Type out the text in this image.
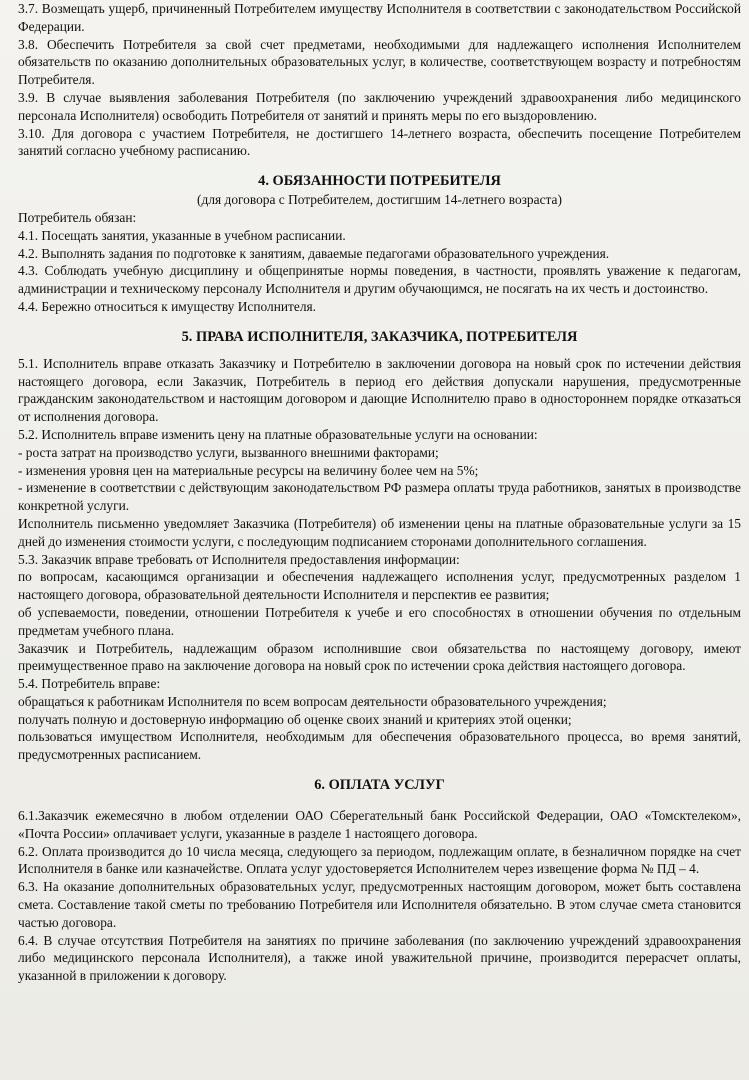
3.7. Возмещать ущерб, причиненный Потребителем имуществу Исполнителя в соответствии с законодательством Российской Федерации.

3.8. Обеспечить Потребителя за свой счет предметами, необходимыми для надлежащего исполнения Исполнителем обязательств по оказанию дополнительных образовательных услуг, в количестве, соответствующем возрасту и потребностям Потребителя.

3.9. В случае выявления заболевания Потребителя (по заключению учреждений здравоохранения либо медицинского персонала Исполнителя) освободить Потребителя от занятий и принять меры по его выздоровлению.

3.10. Для договора с участием Потребителя, не достигшего 14-летнего возраста, обеспечить посещение Потребителем занятий согласно учебному расписанию.

4. ОБЯЗАННОСТИ ПОТРЕБИТЕЛЯ

(для договора с Потребителем, достигшим 14-летнего возраста)

Потребитель обязан:

4.1. Посещать занятия, указанные в учебном расписании.

4.2. Выполнять задания по подготовке к занятиям, даваемые педагогами образовательного учреждения.

4.3. Соблюдать учебную дисциплину и общепринятые нормы поведения, в частности, проявлять уважение к педагогам, администрации и техническому персоналу Исполнителя и другим обучающимся, не посягать на их честь и достоинство.

4.4. Бережно относиться к имуществу Исполнителя.

5. ПРАВА ИСПОЛНИТЕЛЯ, ЗАКАЗЧИКА, ПОТРЕБИТЕЛЯ

5.1. Исполнитель вправе отказать Заказчику и Потребителю в заключении договора на новый срок по истечении действия настоящего договора, если Заказчик, Потребитель в период его действия допускали нарушения, предусмотренные гражданским законодательством и настоящим договором и дающие Исполнителю право в одностороннем порядке отказаться от исполнения договора.

5.2. Исполнитель вправе изменить цену на платные образовательные услуги на основании:

- роста затрат на производство услуги, вызванного внешними факторами;

- изменения уровня цен на материальные ресурсы на величину более чем на 5%;

- изменение в соответствии с действующим законодательством РФ размера оплаты труда работников, занятых в производстве конкретной услуги.

Исполнитель письменно уведомляет Заказчика (Потребителя) об изменении цены на платные образовательные услуги за 15 дней до изменения стоимости услуги, с последующим подписанием сторонами дополнительного соглашения.

5.3. Заказчик вправе требовать от Исполнителя предоставления информации:

по вопросам, касающимся организации и обеспечения надлежащего исполнения услуг, предусмотренных разделом 1 настоящего договора, образовательной деятельности Исполнителя и перспектив ее развития;

об успеваемости, поведении, отношении Потребителя к учебе и его способностях в отношении обучения по отдельным предметам учебного плана.

Заказчик и Потребитель, надлежащим образом исполнившие свои обязательства по настоящему договору, имеют преимущественное право на заключение договора на новый срок по истечении срока действия настоящего договора.

5.4. Потребитель вправе:

обращаться к работникам Исполнителя по всем вопросам деятельности образовательного учреждения;

получать полную и достоверную информацию об оценке своих знаний и критериях этой оценки;

пользоваться имуществом Исполнителя, необходимым для обеспечения образовательного процесса, во время занятий, предусмотренных расписанием.

6. ОПЛАТА УСЛУГ

6.1.Заказчик ежемесячно в любом отделении ОАО Сберегательный банк Российской Федерации, ОАО «Томсктелеком», «Почта России» оплачивает услуги, указанные в разделе 1 настоящего договора.

6.2. Оплата производится до 10 числа месяца, следующего за периодом, подлежащим оплате, в безналичном порядке на счет Исполнителя в банке или казначействе. Оплата услуг удостоверяется Исполнителем через извещение форма № ПД – 4.

6.3. На оказание дополнительных образовательных услуг, предусмотренных настоящим договором, может быть составлена смета. Составление такой сметы по требованию Потребителя или Исполнителя обязательно. В этом случае смета становится частью договора.

6.4. В случае отсутствия Потребителя на занятиях по причине заболевания (по заключению учреждений здравоохранения либо медицинского персонала Исполнителя), а также иной уважительной причине, производится перерасчет оплаты, указанной в приложении к договору.
